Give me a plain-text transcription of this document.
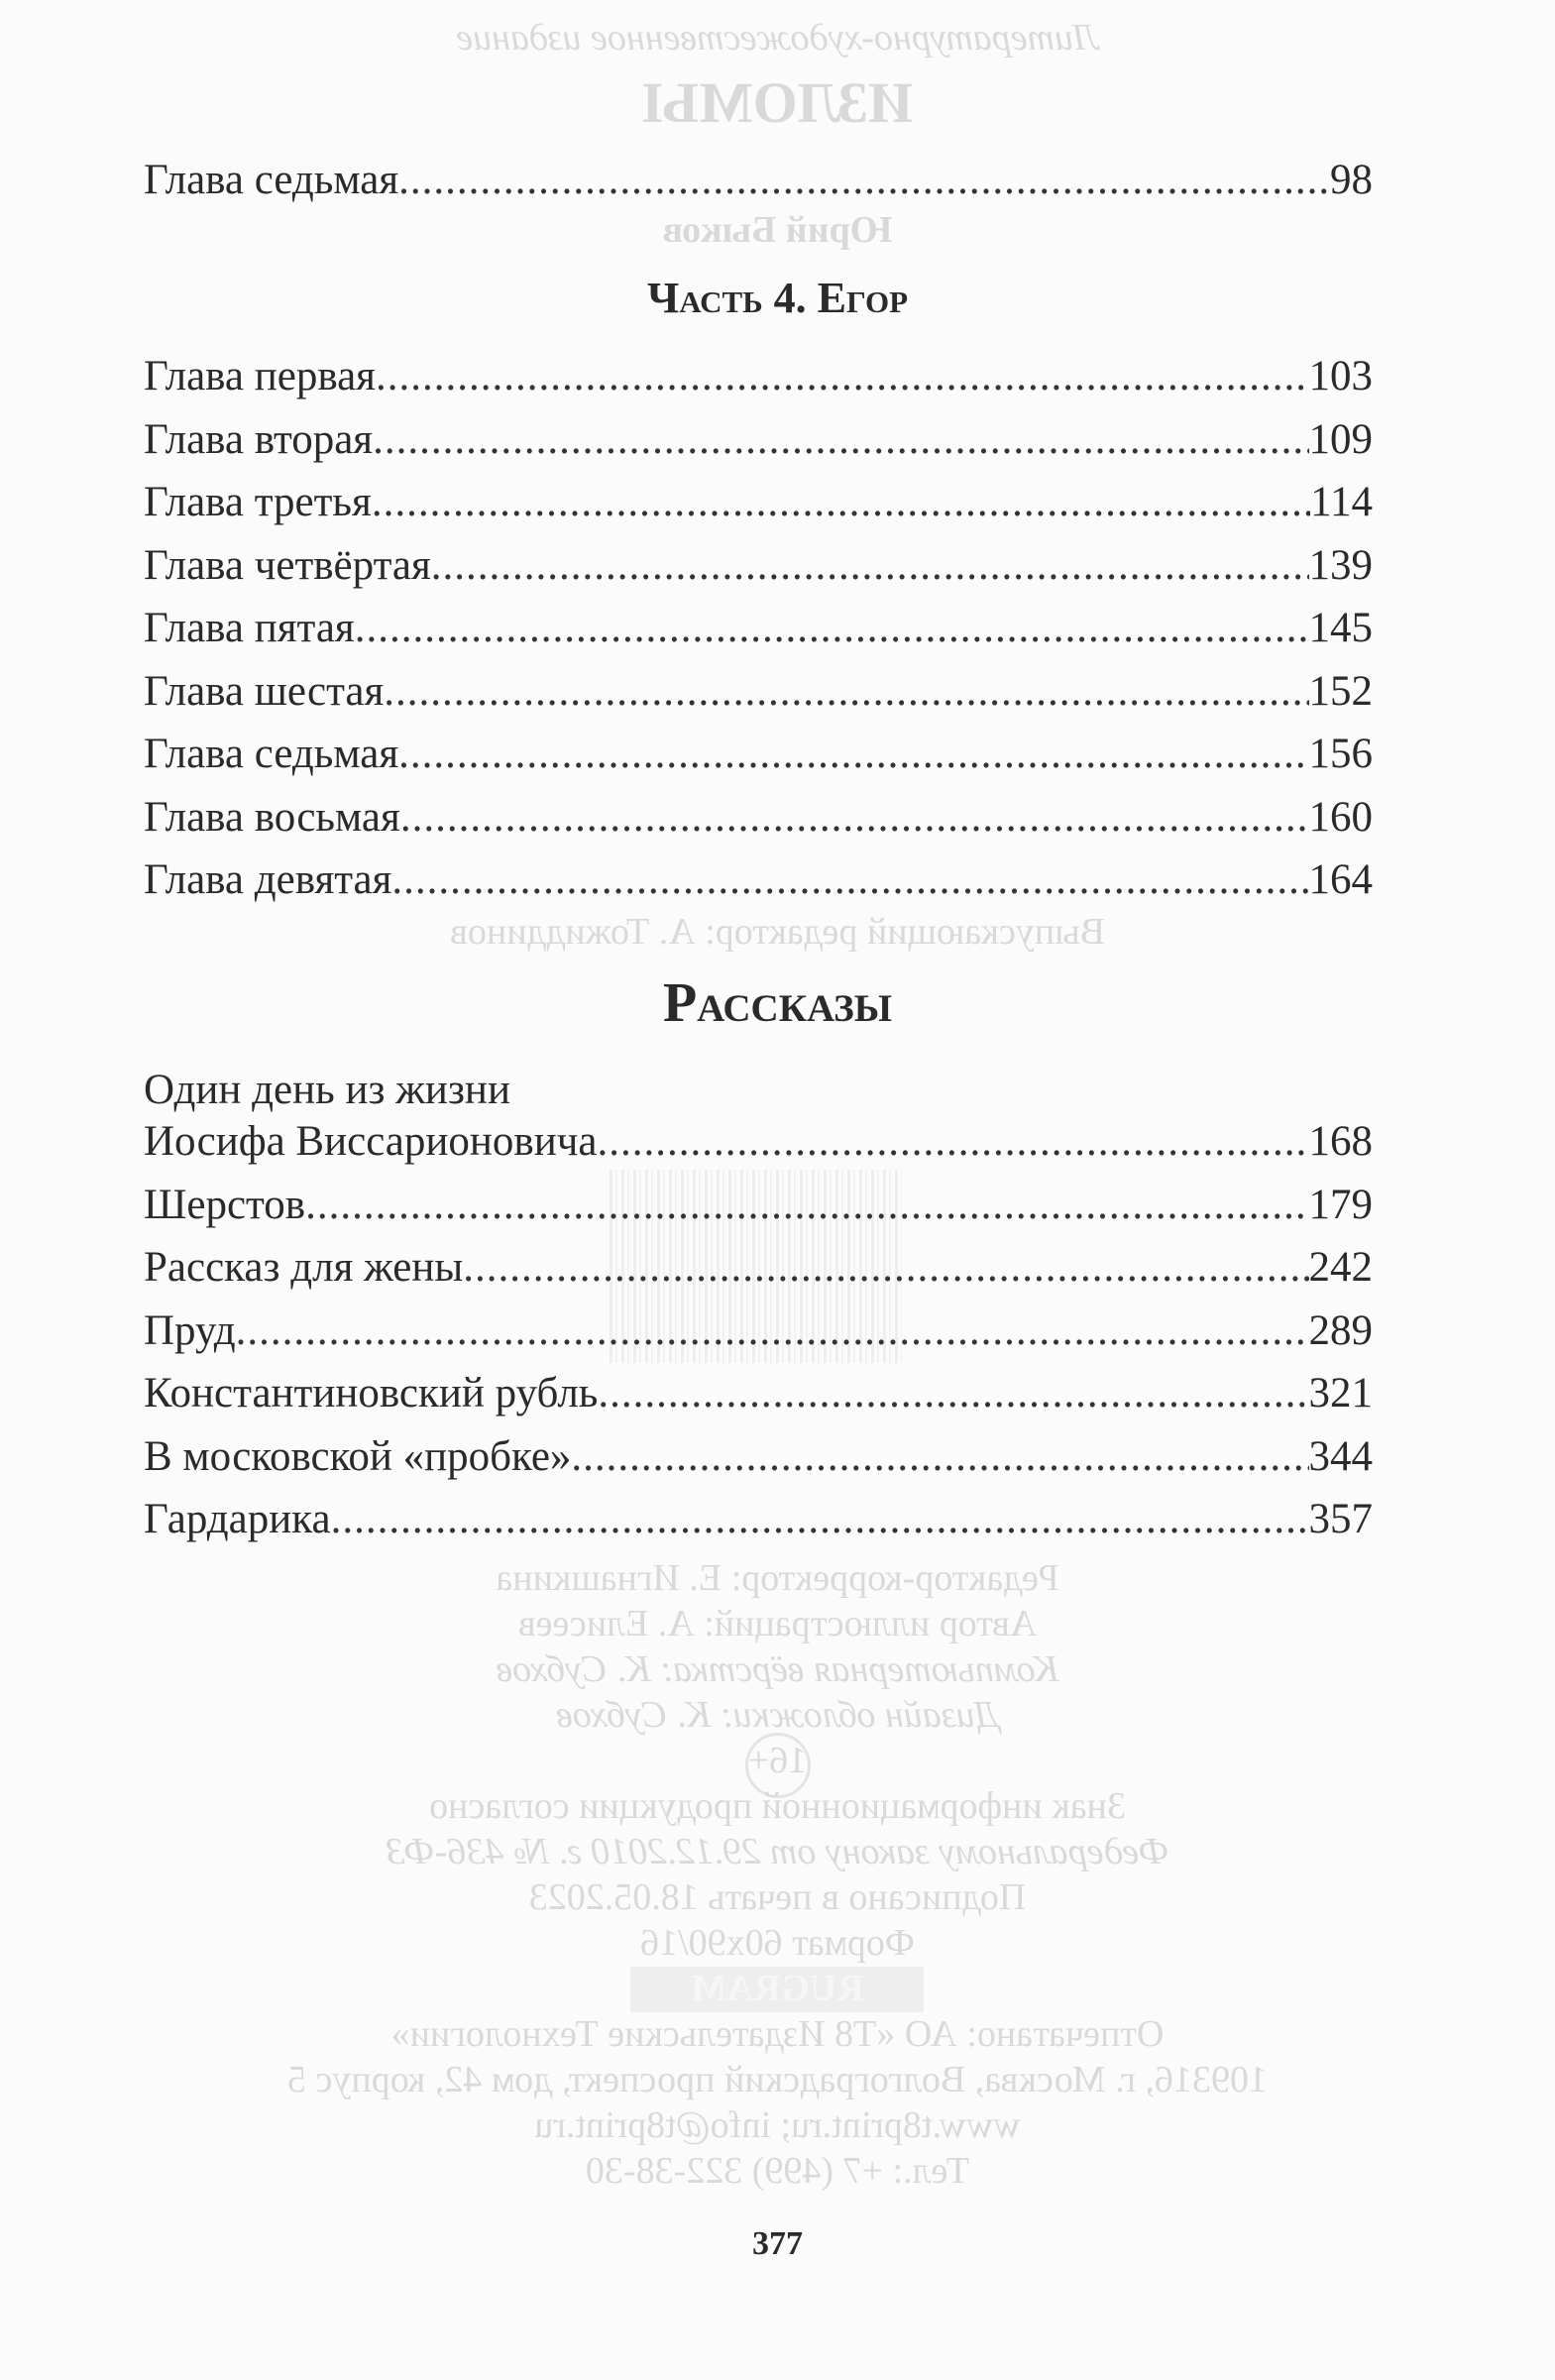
Литературно-художественное издание
ИЗЛОМЫ
Юрий Быков
Выпускающий редактор: А. Тожиддинов
Редактор-корректор: Е. Игнашкина
Автор иллюстраций: А. Елисеев
Компьютерная вёрстка: К. Субхов
Дизайн обложки: К. Субхов
16+
Знак информационной продукции согласно
Федеральному закону от 29.12.2010 г. № 436-ФЗ
Подписано в печать 18.05.2023
Формат 60x90/16
RUGRAM
Отпечатано: АО «Т8 Издательские Технологии»
109316, г. Москва, Волгоградский проспект, дом 42, корпус 5
www.t8print.ru; info@t8print.ru
Тел.: +7 (499) 322-38-30
Глава седьмая .....	98
Часть 4. Егор
Глава первая .....	103
Глава вторая .....	109
Глава третья .....	114
Глава четвёртая .....	139
Глава пятая .....	145
Глава шестая .....	152
Глава седьмая .....	156
Глава восьмая .....	160
Глава девятая .....	164
Рассказы
Один день из жизни
Иосифа Виссарионовича .....	168
Шерстов .....	179
Рассказ для жены .....	242
Пруд .....	289
Константиновский рубль .....	321
В московской «пробке» .....	344
Гардарика .....	357
377
